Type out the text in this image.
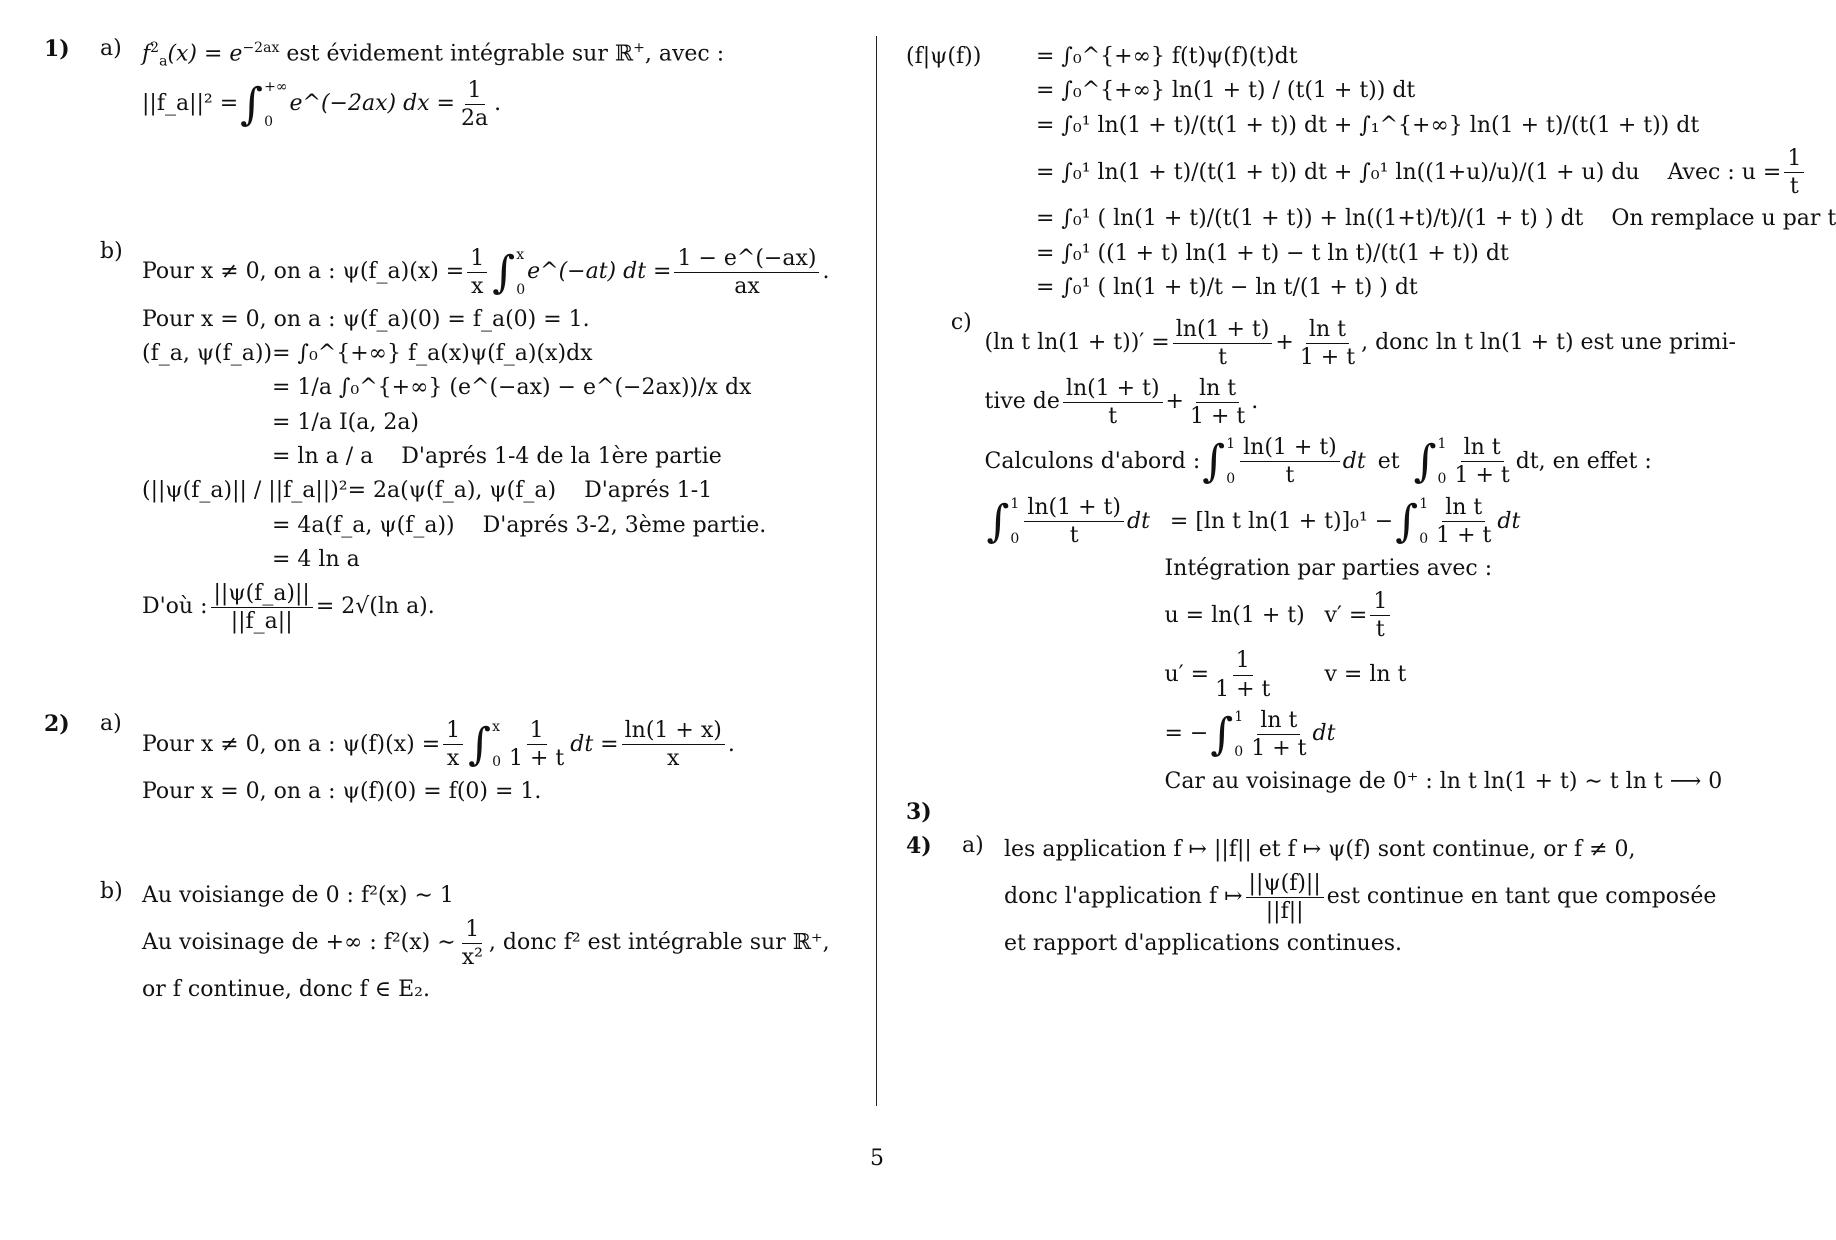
1)	a) $f^2_a(x) = e^{-2ax}$ est évidement intégrable sur ℝ+, avec :
||f_a||² = ∫ +∞
0
e^(−2ax) dx = $\frac{1}{2a}$ .
b)
Pour x ≠ 0, on a : ψ(f_a)(x) = $\frac{1}{x}$ ∫ x
0
e^(−at) dt = $\frac{1 - e\^{}(-ax)}{ax}$ .
Pour x = 0, on a : ψ(f_a)(0) = f_a(0) = 1.
(f_a, ψ(f_a)) = ∫₀^{+∞} f_a(x)ψ(f_a)(x)dx
= 1/a ∫₀^{+∞} (e^(−ax) − e^(−2ax))/x dx
= 1/a I(a, 2a)
= ln a / a D'aprés 1-4 de la 1ère partie
(||ψ(f_a)|| / ||f_a||)² = 2a(ψ(f_a), ψ(f_a) D'aprés 1-1
= 4a(f_a, ψ(f_a)) D'aprés 3-2, 3ème partie .
= 4 ln a
D'où : $\frac{||\psi(f\_a)||}{||f\_a||} = 2√(\ln$ a).
2)	a)
Pour x ≠ 0, on a : $\psi(f)(x) = \frac{1}{x}$ ∫ x
$0 \frac{1}{1 + t}$ dt = $\frac{\ln(1 + x)}{x}$ .
Pour x = 0, on a : ψ(f)(0) = f(0) = 1.
b) Au voisiange de 0 : f²(x) ∼ 1
Au voisinage de +∞ : f²(x) ∼ $\frac{1}{\text{x²}}$ , donc f² est intégrable sur ℝ⁺,
or f continue, donc f ∈ E₂.
(f|ψ(f))	= ∫₀^{+∞} f(t)ψ(f)(t)dt
= ∫₀^{+∞} ln(1 + t) / (t(1 + t)) dt
= ∫₀¹ ln(1 + t)/(t(1 + t)) dt + ∫₁^{+∞} ln(1 + t)/(t(1 + t)) dt
= ∫₀¹ ln(1 + t)/(t(1 + t)) dt + ∫₀¹ ln((1+u)/u)/(1 + u) du Avec : $u = \frac{1}{t}$
= ∫₀¹ ( ln(1 + t)/(t(1 + t)) + ln((1+t)/t)/(1 + t) ) dt On remplace u par t
= ∫₀¹ ((1 + t) ln(1 + t) − t ln t)/(t(1 + t)) dt
= ∫₀¹ ( ln(1 + t)/t − ln t/(1 + t) ) dt
c)
(ln t $\ln(1 + t))' = \frac{\ln(1 + t)}{t} + \frac{\text{ln t}}{1 + t}$ , donc ln t ln(1 + t) est une primi-
tive de $\frac{\ln(1 + t)}{t} + \frac{\text{ln t}}{1 + t}$ .
Calculons d'abord : ∫ 1
$0 \frac{\ln(1 + t)}{t}$ dt et ∫ 1
$0 \frac{\text{ln t}}{1 + t}$ dt, en effet :
∫ 1
$0 \frac{\ln(1 + t)}{t}$ dt = [ln t ln(1 + t)]₀¹ − ∫ 1
$0 \frac{\text{ln t}}{1 + t}$ dt
Intégration par parties avec :
u = ln(1 + t) $v' = \frac{1}{t}$
$u' = \frac{1}{1 + t}$ v = ln t
= − ∫ 1
$0 \frac{\text{ln t}}{1 + t}$ dt
Car au voisinage de 0⁺ : ln t ln(1 + t) ∼ t ln t ⟶ 0
3)
4)	a) les application f ↦ ||f|| et f ↦ ψ(f) sont continue, or f ≠ 0,
donc l'application f ↦ $\frac{||\psi(f)||}{||f||}$ est continue en tant que composée
et rapport d'applications continues.
5
